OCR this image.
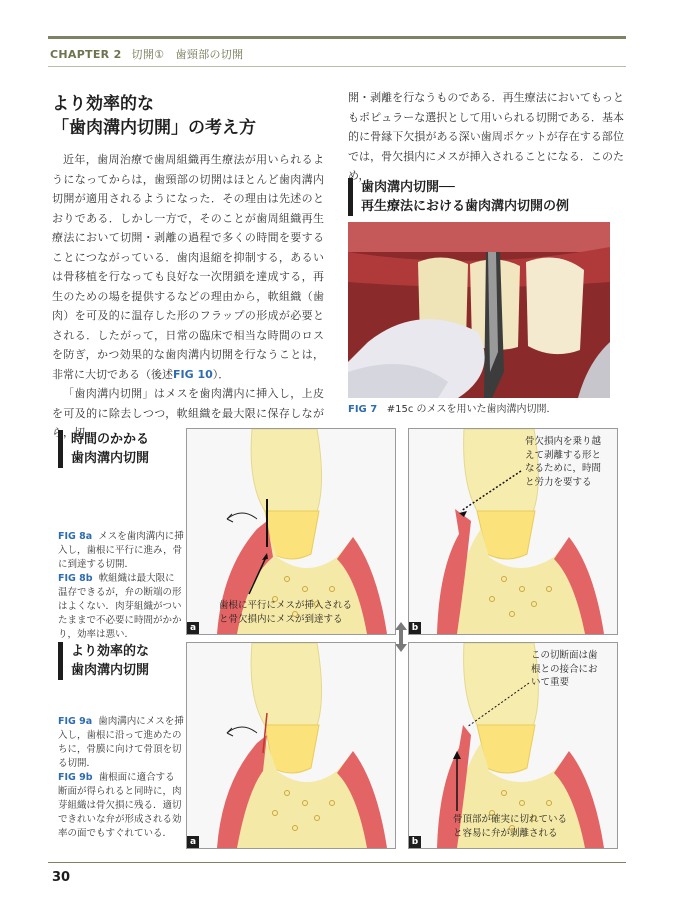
CHAPTER 2 切開①　歯頸部の切開
より効率的な
「歯肉溝内切開」の考え方

近年，歯周治療で歯周組織再生療法が用いられるようになってからは，歯頸部の切開はほとんど歯肉溝内切開が適用されるようになった．その理由は先述のとおりである．しかし一方で，そのことが歯周組織再生療法において切開・剥離の過程で多くの時間を要することにつながっている．歯肉退縮を抑制する，あるいは骨移植を行なっても良好な一次閉鎖を達成する，再生のための場を提供するなどの理由から，軟組織（歯肉）を可及的に温存した形のフラップの形成が必要とされる．したがって，日常の臨床で相当な時間のロスを防ぎ，かつ効果的な歯肉溝内切開を行なうことは，非常に大切である（後述FIG 10）．

「歯肉溝内切開」はメスを歯肉溝内に挿入し，上皮を可及的に除去しつつ，軟組織を最大限に保存しながら，切

開・剥離を行なうものである．再生療法においてもっともポピュラーな選択として用いられる切開である．基本的に骨縁下欠損がある深い歯周ポケットが存在する部位では，骨欠損内にメスが挿入されることになる．このため，

歯肉溝内切開──
再生療法における歯肉溝内切開の例
FIG 7 #15c のメスを用いた歯肉溝内切開．
時間のかかる
歯肉溝内切開
FIG 8a メスを歯肉溝内に挿入し，歯根に平行に進み，骨に到達する切開．
FIG 8b 軟組織は最大限に温存できるが，弁の断端の形はよくない．肉芽組織がついたままで不必要に時間がかかり，効率は悪い．
歯根に平行にメスが挿入される
と骨欠損内にメスが到達する
a
骨欠損内を乗り越
えて剥離する形と
なるために，時間
と労力を要する
b
より効率的な
歯肉溝内切開
FIG 9a 歯肉溝内にメスを挿入し，歯根に沿って進めたのちに，骨膜に向けて骨頂を切る切開．
FIG 9b 歯根面に適合する断面が得られると同時に，肉芽組織は骨欠損に残る．適切できれいな弁が形成される効率の面でもすぐれている．
a
この切断面は歯
根との接合にお
いて重要
骨頂部が確実に切れている
と容易に弁が剥離される
b
30
